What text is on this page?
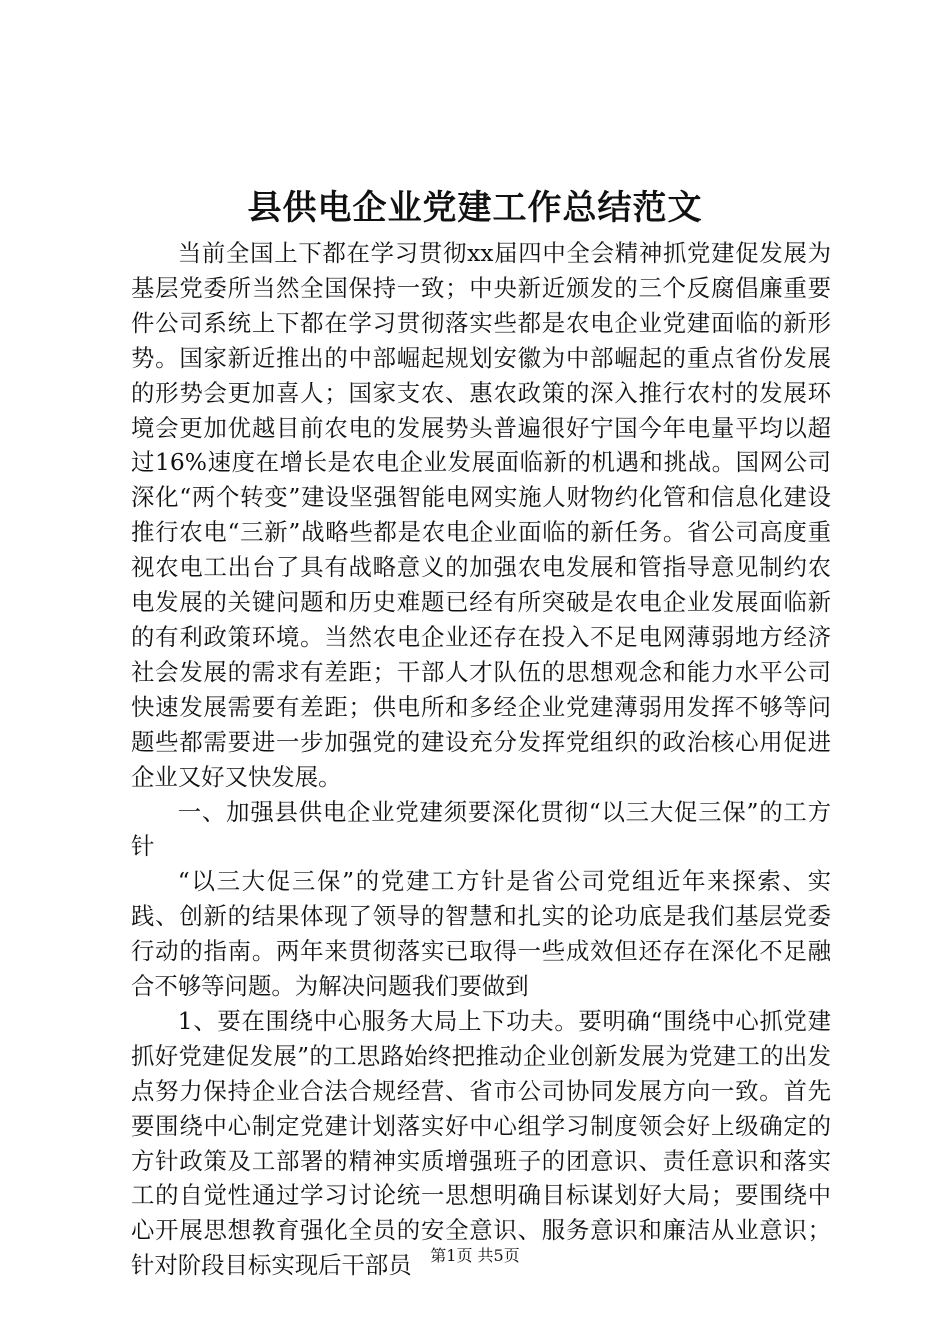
县供电企业党建工作总结范文

当前全国上下都在学习贯彻xx届四中全会精神抓党建促发展为基层党委所当然全国保持一致；中央新近颁发的三个反腐倡廉重要件公司系统上下都在学习贯彻落实些都是农电企业党建面临的新形势。国家新近推出的中部崛起规划安徽为中部崛起的重点省份发展的形势会更加喜人；国家支农、惠农政策的深入推行农村的发展环境会更加优越目前农电的发展势头普遍很好宁国今年电量平均以超过16%速度在增长是农电企业发展面临新的机遇和挑战。国网公司深化“两个转变”建设坚强智能电网实施人财物约化管和信息化建设推行农电“三新”战略些都是农电企业面临的新任务。省公司高度重视农电工出台了具有战略意义的加强农电发展和管指导意见制约农电发展的关键问题和历史难题已经有所突破是农电企业发展面临新的有利政策环境。当然农电企业还存在投入不足电网薄弱地方经济社会发展的需求有差距；干部人才队伍的思想观念和能力水平公司快速发展需要有差距；供电所和多经企业党建薄弱用发挥不够等问题些都需要进一步加强党的建设充分发挥党组织的政治核心用促进企业又好又快发展。

一、加强县供电企业党建须要深化贯彻“以三大促三保”的工方针

“以三大促三保”的党建工方针是省公司党组近年来探索、实践、创新的结果体现了领导的智慧和扎实的论功底是我们基层党委行动的指南。两年来贯彻落实已取得一些成效但还存在深化不足融合不够等问题。为解决问题我们要做到

1、要在围绕中心服务大局上下功夫。要明确“围绕中心抓党建抓好党建促发展”的工思路始终把推动企业创新发展为党建工的出发点努力保持企业合法合规经营、省市公司协同发展方向一致。首先要围绕中心制定党建计划落实好中心组学习制度领会好上级确定的方针政策及工部署的精神实质增强班子的团意识、责任意识和落实工的自觉性通过学习讨论统一思想明确目标谋划好大局；要围绕中心开展思想教育强化全员的安全意识、服务意识和廉洁从业意识；针对阶段目标实现后干部员	第1页 共5页
